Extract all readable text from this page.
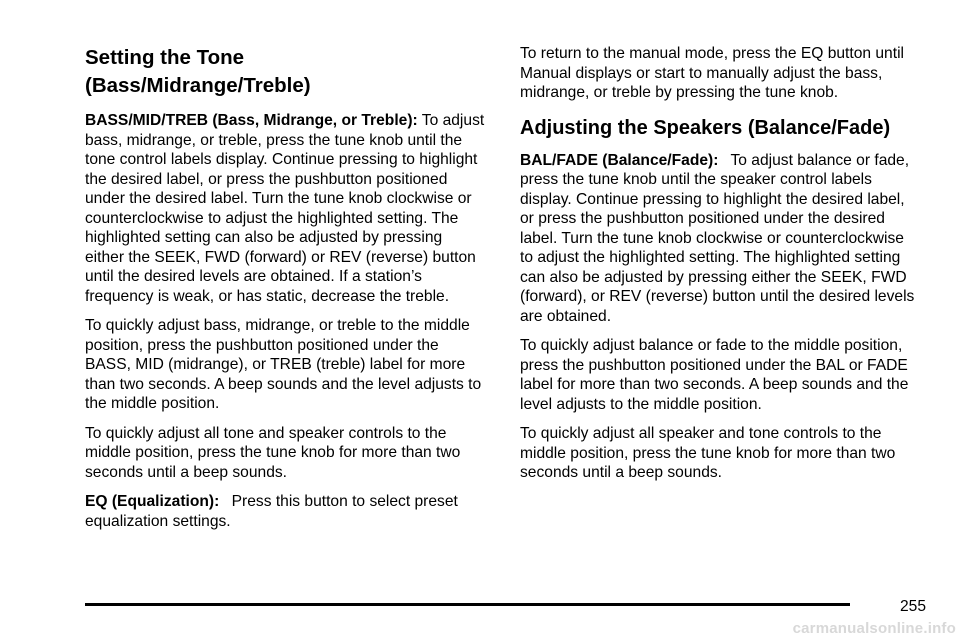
Setting the Tone
(Bass/Midrange/Treble)

BASS/MID/TREB (Bass, Midrange, or Treble): To adjust bass, midrange, or treble, press the tune knob until the tone control labels display. Continue pressing to highlight the desired label, or press the pushbutton positioned under the desired label. Turn the tune knob clockwise or counterclockwise to adjust the highlighted setting. The highlighted setting can also be adjusted by pressing either the SEEK, FWD (forward) or REV (reverse) button until the desired levels are obtained. If a station’s frequency is weak, or has static, decrease the treble.

To quickly adjust bass, midrange, or treble to the middle position, press the pushbutton positioned under the BASS, MID (midrange), or TREB (treble) label for more than two seconds. A beep sounds and the level adjusts to the middle position.

To quickly adjust all tone and speaker controls to the middle position, press the tune knob for more than two seconds until a beep sounds.

EQ (Equalization): Press this button to select preset equalization settings.

To return to the manual mode, press the EQ button until Manual displays or start to manually adjust the bass, midrange, or treble by pressing the tune knob.

Adjusting the Speakers (Balance/Fade)

BAL/FADE (Balance/Fade): To adjust balance or fade, press the tune knob until the speaker control labels display. Continue pressing to highlight the desired label, or press the pushbutton positioned under the desired label. Turn the tune knob clockwise or counterclockwise to adjust the highlighted setting. The highlighted setting can also be adjusted by pressing either the SEEK, FWD (forward), or REV (reverse) button until the desired levels are obtained.

To quickly adjust balance or fade to the middle position, press the pushbutton positioned under the BAL or FADE label for more than two seconds. A beep sounds and the level adjusts to the middle position.

To quickly adjust all speaker and tone controls to the middle position, press the tune knob for more than two seconds until a beep sounds.

255
carmanualsonline.info
